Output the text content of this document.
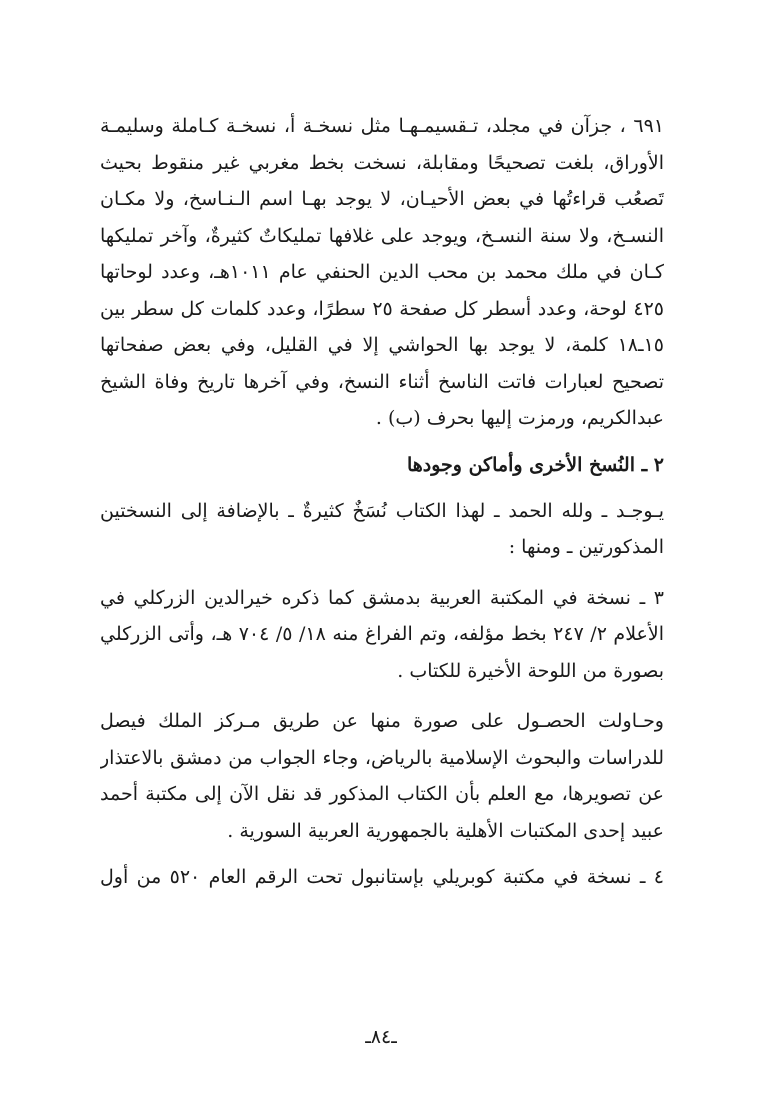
٦٩١ ، جزآن في مجلد، تـقسيمـهـا مثل نسخـة أ، نسخـة كـاملة وسليمـة
الأوراق، بلغت تصحيحًا ومقابلة، نسخت بخط مغربي غير منقوط بحيث
تَصعُب قراءتُها في بعض الأحيـان، لا يوجد بهـا اسم الـنـاسخ، ولا مكـان
النسـخ، ولا سنة النسـخ، ويوجد على غلافها تمليكاتٌ كثيرةٌ، وآخر تمليكها
كـان في ملك محمد بن محب الدين الحنفي عام ١٠١١هـ، وعدد لوحاتها
٤٢٥ لوحة، وعدد أسطر كل صفحة ٢٥ سطرًا، وعدد كلمات كل سطر بين
١٥ـ١٨ كلمة، لا يوجد بها الحواشي إلا في القليل، وفي بعض صفحاتها
تصحيح لعبارات فاتت الناسخ أثناء النسخ، وفي آخرها تاريخ وفاة الشيخ
عبدالكريم، ورمزت إليها بحرف (ب) .
٢ ـ النُسخ الأخرى وأماكن وجودها
يـوجـد ـ ولله الحمد ـ لهذا الكتاب نُسَخٌ كثيرةٌ ـ بالإضافة إلى النسختين
المذكورتين ـ ومنها :
٣ ـ نسخة في المكتبة العربية بدمشق كما ذكره خيرالدين الزركلي في
الأعلام ٢/ ٢٤٧ بخط مؤلفه، وتم الفراغ منه ١٨/ ٥/ ٧٠٤ هـ، وأتى الزركلي
بصورة من اللوحة الأخيرة للكتاب .
وحـاولت الحصـول على صورة منها عن طريق مـركز الملك فيصل
للدراسات والبحوث الإسلامية بالرياض، وجاء الجواب من دمشق بالاعتذار
عن تصويرها، مع العلم بأن الكتاب المذكور قد نقل الآن إلى مكتبة أحمد
عبيد إحدى المكتبات الأهلية بالجمهورية العربية السورية .
٤ ـ نسخة في مكتبة كوبريلي بإستانبول تحت الرقم العام ٥٢٠ من أول
ـ٨٤ـ
